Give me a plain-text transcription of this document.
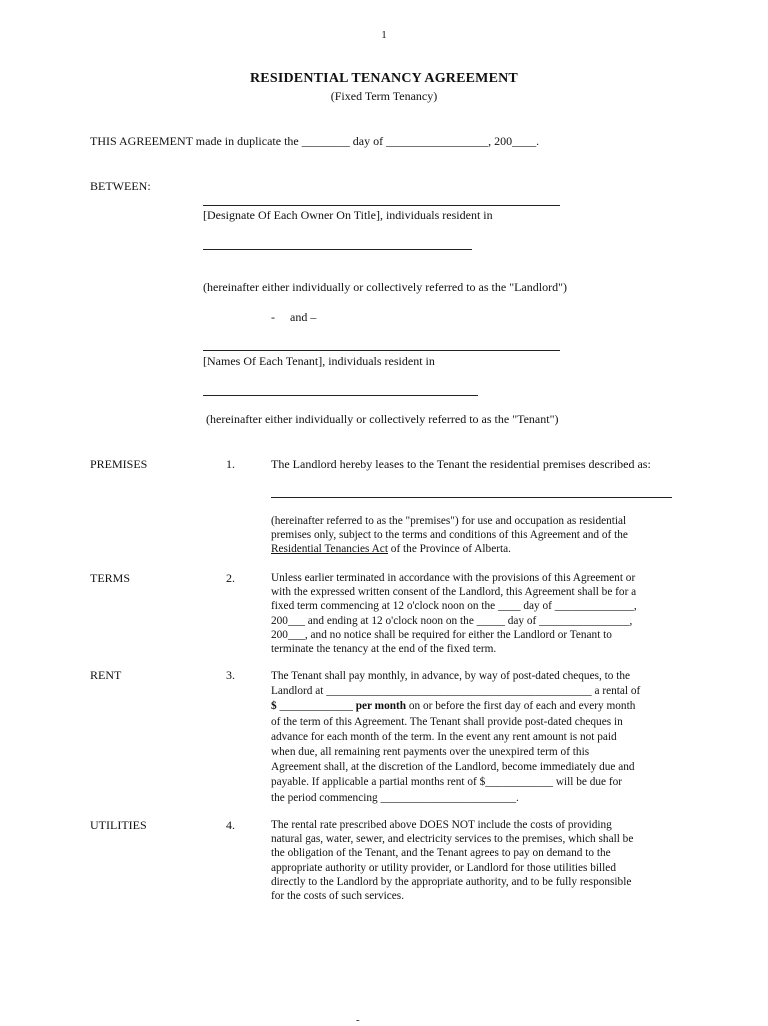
1
RESIDENTIAL TENANCY AGREEMENT
(Fixed Term Tenancy)
THIS AGREEMENT made in duplicate the ________ day of _________________, 200____.
BETWEEN:
[Designate Of Each Owner On Title], individuals resident in
(hereinafter either individually or collectively referred to as the "Landlord")
-     and –
[Names Of Each Tenant], individuals resident in
(hereinafter either individually or collectively referred to as the "Tenant")
PREMISES	1.	The Landlord hereby leases to the Tenant the residential premises described as:
(hereinafter referred to as the "premises") for use and occupation as residential
premises only, subject to the terms and conditions of this Agreement and of the
Residential Tenancies Act of the Province of Alberta.
TERMS	2.	Unless earlier terminated in accordance with the provisions of this Agreement or
with the expressed written consent of the Landlord, this Agreement shall be for a
fixed term commencing at 12 o'clock noon on the ____ day of ______________,
200___ and ending at 12 o'clock noon on the _____ day of ________________,
200___, and no notice shall be required for either the Landlord or Tenant to
terminate the tenancy at the end of the fixed term.
RENT	3.	The Tenant shall pay monthly, in advance, by way of post-dated cheques, to the
Landlord at _______________________________________________ a rental of
$ _____________ per month on or before the first day of each and every month
of the term of this Agreement. The Tenant shall provide post-dated cheques in
advance for each month of the term. In the event any rent amount is not paid
when due, all remaining rent payments over the unexpired term of this
Agreement shall, at the discretion of the Landlord, become immediately due and
payable. If applicable a partial months rent of $____________ will be due for
the period commencing ________________________.
UTILITIES	4.	The rental rate prescribed above DOES NOT include the costs of providing
natural gas, water, sewer, and electricity services to the premises, which shall be
the obligation of the Tenant, and the Tenant agrees to pay on demand to the
appropriate authority or utility provider, or Landlord for those utilities billed
directly to the Landlord by the appropriate authority, and to be fully responsible
for the costs of such services.
-
